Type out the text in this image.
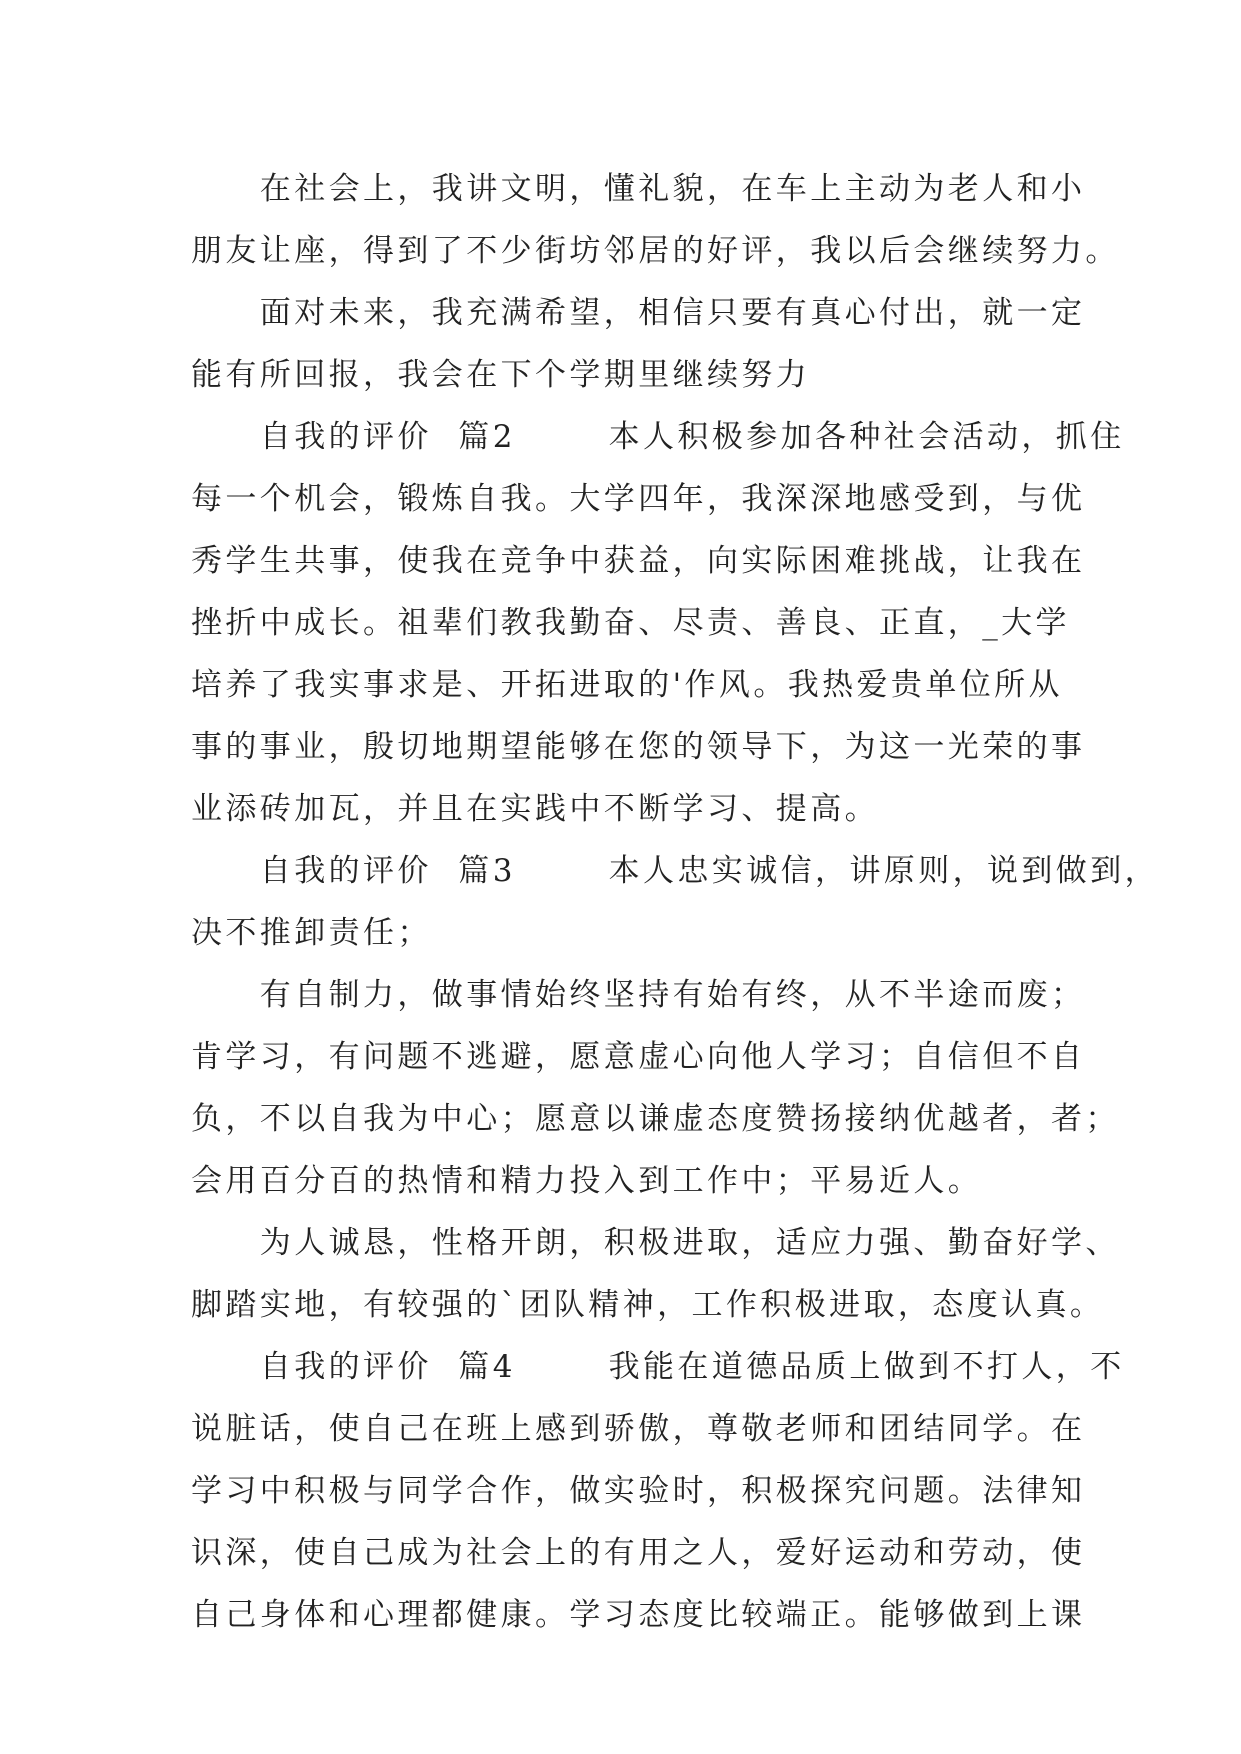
　　在社会上，我讲文明，懂礼貌，在车上主动为老人和小
朋友让座，得到了不少街坊邻居的好评，我以后会继续努力。
　　面对未来，我充满希望，相信只要有真心付出，就一定
能有所回报，我会在下个学期里继续努力
　　自我的评价  篇2       本人积极参加各种社会活动，抓住
每一个机会，锻炼自我。大学四年，我深深地感受到，与优
秀学生共事，使我在竞争中获益，向实际困难挑战，让我在
挫折中成长。祖辈们教我勤奋、尽责、善良、正直，_大学
培养了我实事求是、开拓进取的'作风。我热爱贵单位所从
事的事业，殷切地期望能够在您的领导下，为这一光荣的事
业添砖加瓦，并且在实践中不断学习、提高。
　　自我的评价  篇3       本人忠实诚信，讲原则，说到做到，
决不推卸责任；
　　有自制力，做事情始终坚持有始有终，从不半途而废；
肯学习，有问题不逃避，愿意虚心向他人学习；自信但不自
负，不以自我为中心；愿意以谦虚态度赞扬接纳优越者，者；
会用百分百的热情和精力投入到工作中；平易近人。
　　为人诚恳，性格开朗，积极进取，适应力强、勤奋好学、
脚踏实地，有较强的`团队精神，工作积极进取，态度认真。
　　自我的评价  篇4       我能在道德品质上做到不打人，不
说脏话，使自己在班上感到骄傲，尊敬老师和团结同学。在
学习中积极与同学合作，做实验时，积极探究问题。法律知
识深，使自己成为社会上的有用之人，爱好运动和劳动，使
自己身体和心理都健康。学习态度比较端正。能够做到上课
